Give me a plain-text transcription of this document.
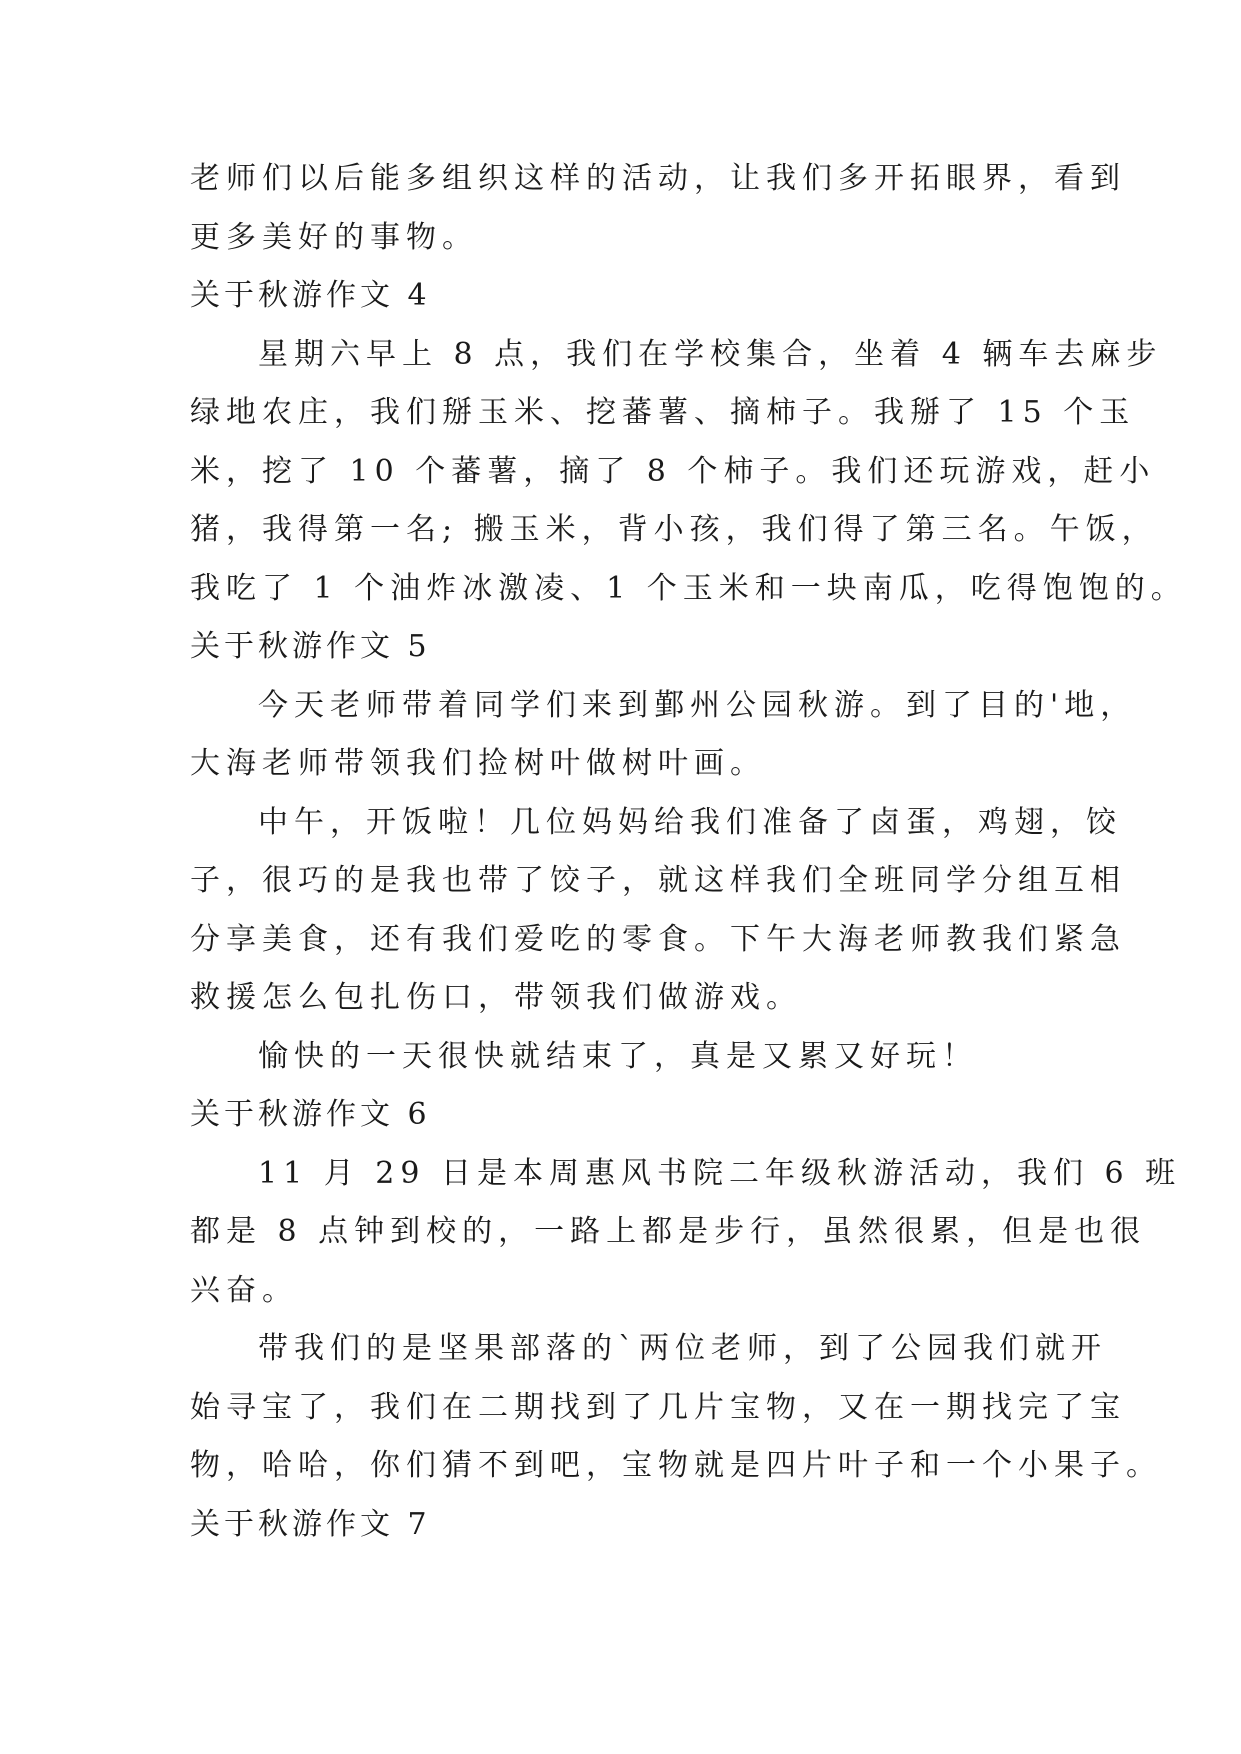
老师们以后能多组织这样的活动，让我们多开拓眼界，看到
更多美好的事物。
关于秋游作文 4
星期六早上 8 点，我们在学校集合，坐着 4 辆车去麻步
绿地农庄，我们掰玉米、挖蕃薯、摘柿子。我掰了 15 个玉
米，挖了 10 个蕃薯，摘了 8 个柿子。我们还玩游戏，赶小
猪，我得第一名; 搬玉米，背小孩，我们得了第三名。午饭，
我吃了 1 个油炸冰激凌、1 个玉米和一块南瓜，吃得饱饱的。
关于秋游作文 5
今天老师带着同学们来到鄞州公园秋游。到了目的'地，
大海老师带领我们捡树叶做树叶画。
中午，开饭啦！几位妈妈给我们准备了卤蛋，鸡翅，饺
子，很巧的是我也带了饺子，就这样我们全班同学分组互相
分享美食，还有我们爱吃的零食。下午大海老师教我们紧急
救援怎么包扎伤口，带领我们做游戏。
愉快的一天很快就结束了，真是又累又好玩！
关于秋游作文 6
11 月 29 日是本周惠风书院二年级秋游活动，我们 6 班
都是 8 点钟到校的，一路上都是步行，虽然很累，但是也很
兴奋。
带我们的是坚果部落的`两位老师，到了公园我们就开
始寻宝了，我们在二期找到了几片宝物，又在一期找完了宝
物，哈哈，你们猜不到吧，宝物就是四片叶子和一个小果子。
关于秋游作文 7
